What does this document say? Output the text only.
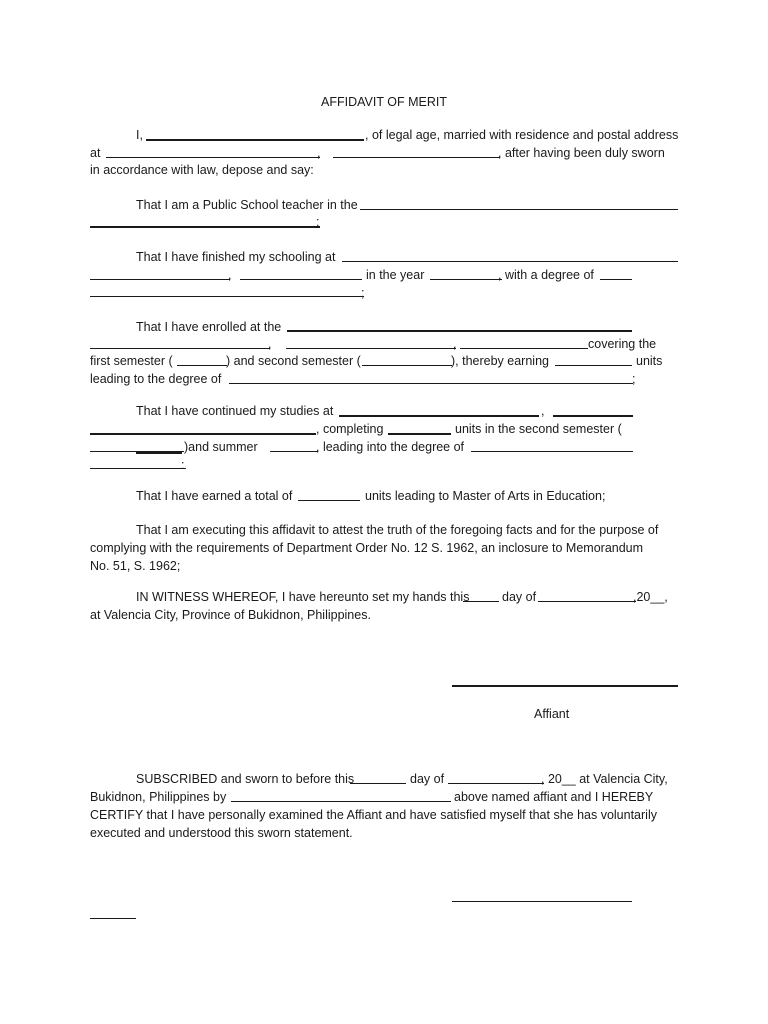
AFFIDAVIT OF MERIT
I,	, of legal age, married with residence and postal address
at	,	, after having been duly sworn
in accordance with law, depose and say:
That I am a Public School teacher in the
;
That I have finished my schooling at
,	in the year	, with a degree of
;
That I have enrolled at the
,	,	covering the
first semester (	) and second semester (	), thereby earning	units
leading to the degree of	;
That I have continued my studies at	,
, completing	units in the second semester (
)and summer	, leading into the degree of
:
That I have earned a total of	units leading to Master of Arts in Education;
That I am executing this affidavit to attest the truth of the foregoing facts and for the purpose of
complying with the requirements of Department Order No. 12 S. 1962, an inclosure to Memorandum
No. 51, S. 1962;
IN WITNESS WHEREOF, I have hereunto set my hands this	day of	,20__,
at Valencia City, Province of Bukidnon, Philippines.
Affiant
SUBSCRIBED and sworn to before this	day of	, 20__ at Valencia City,
Bukidnon, Philippines by	above named affiant and I HEREBY
CERTIFY that I have personally examined the Affiant and have satisfied myself that she has voluntarily
executed and understood this sworn statement.
